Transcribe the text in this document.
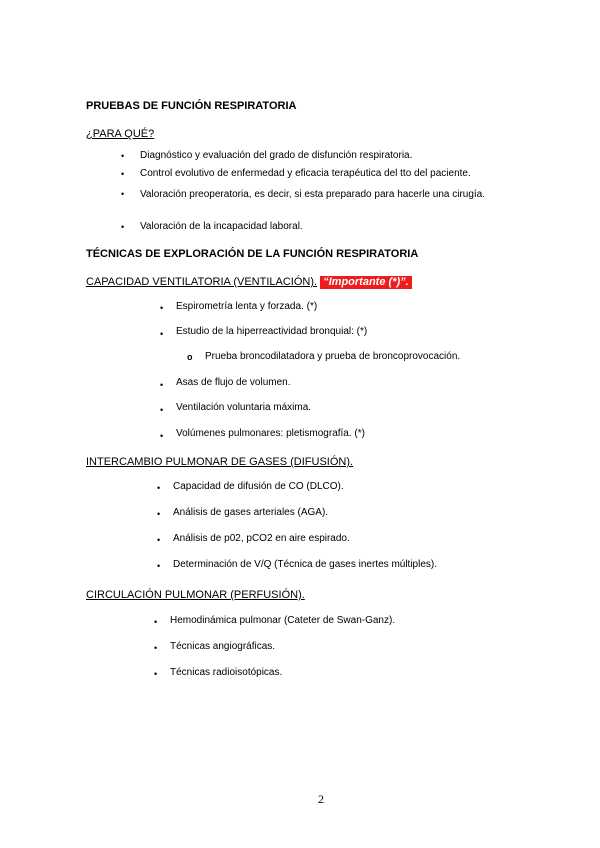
PRUEBAS DE FUNCIÓN RESPIRATORIA
¿PARA QUÉ?
• Diagnóstico y evaluación del grado de disfunción respiratoria.
• Control evolutivo de enfermedad y eficacia terapéutica del tto del paciente.
• Valoración preoperatoria, es decir, si esta preparado para hacerle una cirugía.
• Valoración de la incapacidad laboral.
TÉCNICAS DE EXPLORACIÓN DE LA FUNCIÓN RESPIRATORIA
CAPACIDAD VENTILATORIA (VENTILACIÓN). “Importante (*)”.
• Espirometría lenta y forzada. (*)
• Estudio de la hiperreactividad bronquial: (*)
o Prueba broncodilatadora y prueba de broncoprovocación.
• Asas de flujo de volumen.
• Ventilación voluntaria máxima.
• Volúmenes pulmonares: pletismografía. (*)
INTERCAMBIO PULMONAR DE GASES (DIFUSIÓN).
• Capacidad de difusión de CO (DLCO).
• Análisis de gases arteriales (AGA).
• Análisis de p02, pCO2 en aire espirado.
• Determinación de V/Q (Técnica de gases inertes múltiples).
CIRCULACIÓN PULMONAR (PERFUSIÓN).
• Hemodinámica pulmonar (Cateter de Swan-Ganz).
• Técnicas angiográficas.
• Técnicas radioisotópicas.
2
